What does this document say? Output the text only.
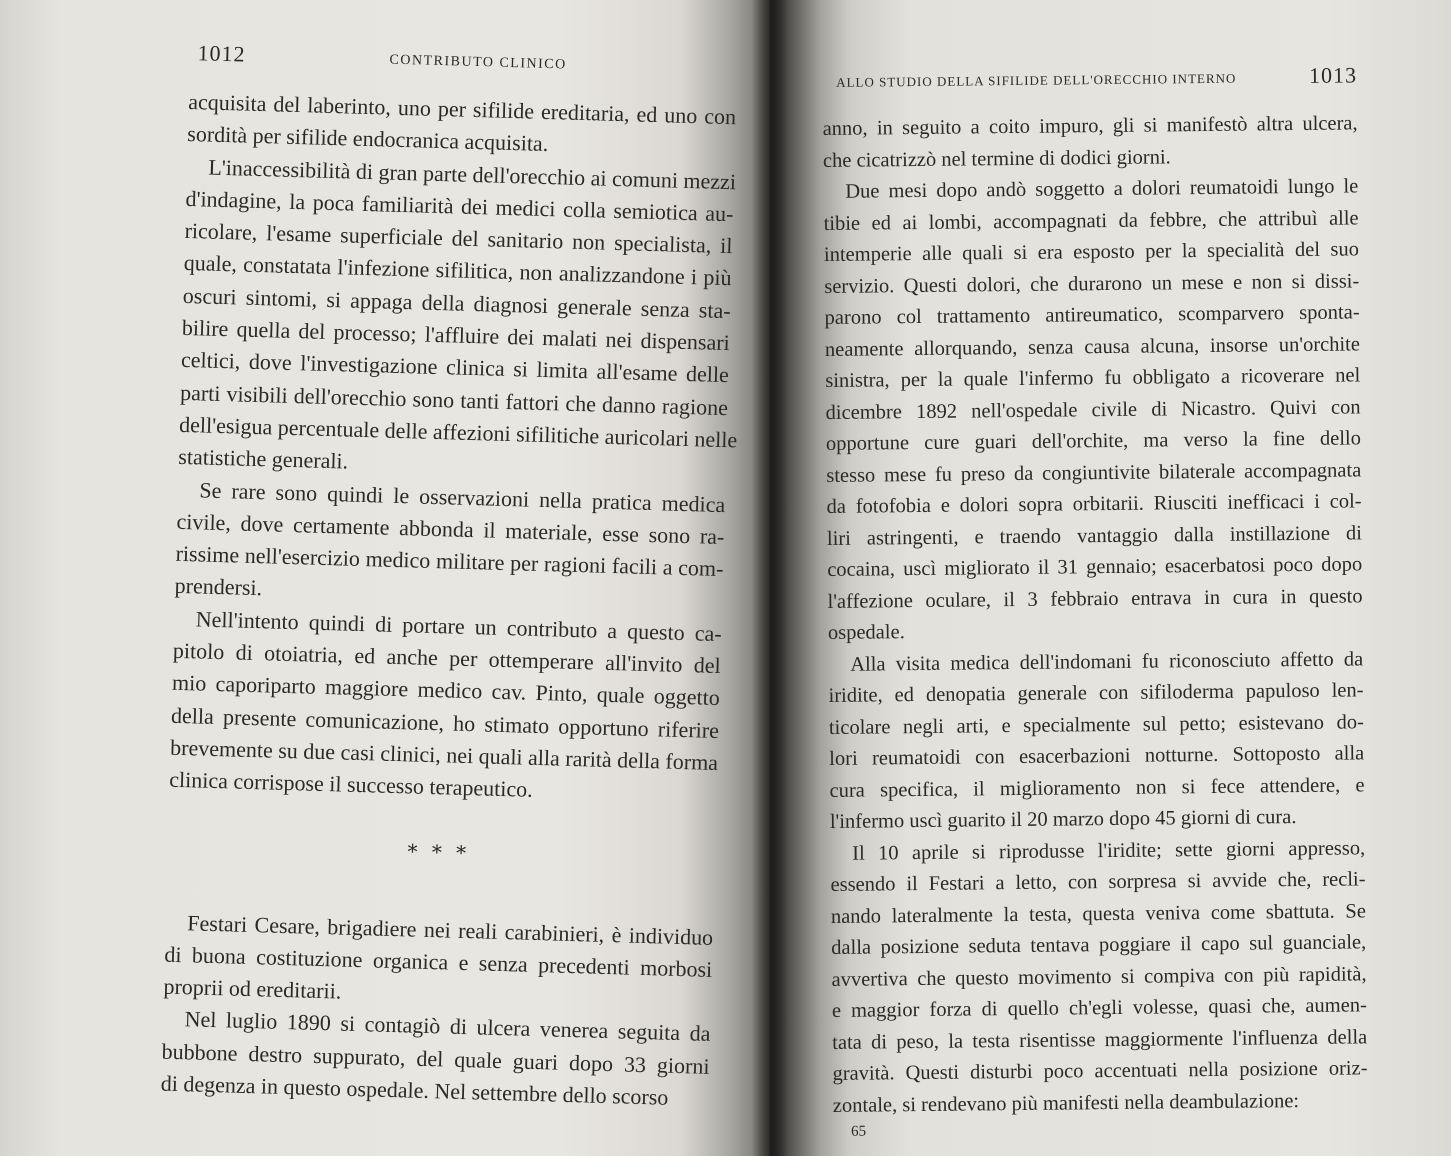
1012	CONTRIBUTO CLINICO
acquisita del laberinto, uno per sifilide ereditaria, ed uno con
sordità per sifilide endocranica acquisita.
L'inaccessibilità di gran parte dell'orecchio ai comuni mezzi
d'indagine, la poca familiarità dei medici colla semiotica au-
ricolare, l'esame superficiale del sanitario non specialista, il
quale, constatata l'infezione sifilitica, non analizzandone i più
oscuri sintomi, si appaga della diagnosi generale senza sta-
bilire quella del processo; l'affluire dei malati nei dispensari
celtici, dove l'investigazione clinica si limita all'esame delle
parti visibili dell'orecchio sono tanti fattori che danno ragione
dell'esigua percentuale delle affezioni sifilitiche auricolari nelle
statistiche generali.
Se rare sono quindi le osservazioni nella pratica medica
civile, dove certamente abbonda il materiale, esse sono ra-
rissime nell'esercizio medico militare per ragioni facili a com-
prendersi.
Nell'intento quindi di portare un contributo a questo ca-
pitolo di otoiatria, ed anche per ottemperare all'invito del
mio caporiparto maggiore medico cav. Pinto, quale oggetto
della presente comunicazione, ho stimato opportuno riferire
brevemente su due casi clinici, nei quali alla rarità della forma
clinica corrispose il successo terapeutico.
* * *
Festari Cesare, brigadiere nei reali carabinieri, è individuo
di buona costituzione organica e senza precedenti morbosi
proprii od ereditarii.
Nel luglio 1890 si contagiò di ulcera venerea seguita da
bubbone destro suppurato, del quale guari dopo 33 giorni
di degenza in questo ospedale. Nel settembre dello scorso
ALLO STUDIO DELLA SIFILIDE DELL'ORECCHIO INTERNO	1013
anno, in seguito a coito impuro, gli si manifestò altra ulcera,
che cicatrizzò nel termine di dodici giorni.
Due mesi dopo andò soggetto a dolori reumatoidi lungo le
tibie ed ai lombi, accompagnati da febbre, che attribuì alle
intemperie alle quali si era esposto per la specialità del suo
servizio. Questi dolori, che durarono un mese e non si dissi-
parono col trattamento antireumatico, scomparvero sponta-
neamente allorquando, senza causa alcuna, insorse un'orchite
sinistra, per la quale l'infermo fu obbligato a ricoverare nel
dicembre 1892 nell'ospedale civile di Nicastro. Quivi con
opportune cure guari dell'orchite, ma verso la fine dello
stesso mese fu preso da congiuntivite bilaterale accompagnata
da fotofobia e dolori sopra orbitarii. Riusciti inefficaci i col-
liri astringenti, e traendo vantaggio dalla instillazione di
cocaina, uscì migliorato il 31 gennaio; esacerbatosi poco dopo
l'affezione oculare, il 3 febbraio entrava in cura in questo
ospedale.
Alla visita medica dell'indomani fu riconosciuto affetto da
iridite, ed denopatia generale con sifiloderma papuloso len-
ticolare negli arti, e specialmente sul petto; esistevano do-
lori reumatoidi con esacerbazioni notturne. Sottoposto alla
cura specifica, il miglioramento non si fece attendere, e
l'infermo uscì guarito il 20 marzo dopo 45 giorni di cura.
Il 10 aprile si riprodusse l'iridite; sette giorni appresso,
essendo il Festari a letto, con sorpresa si avvide che, recli-
nando lateralmente la testa, questa veniva come sbattuta. Se
dalla posizione seduta tentava poggiare il capo sul guanciale,
avvertiva che questo movimento si compiva con più rapidità,
e maggior forza di quello ch'egli volesse, quasi che, aumen-
tata di peso, la testa risentisse maggiormente l'influenza della
gravità. Questi disturbi poco accentuati nella posizione oriz-
zontale, si rendevano più manifesti nella deambulazione:
65
